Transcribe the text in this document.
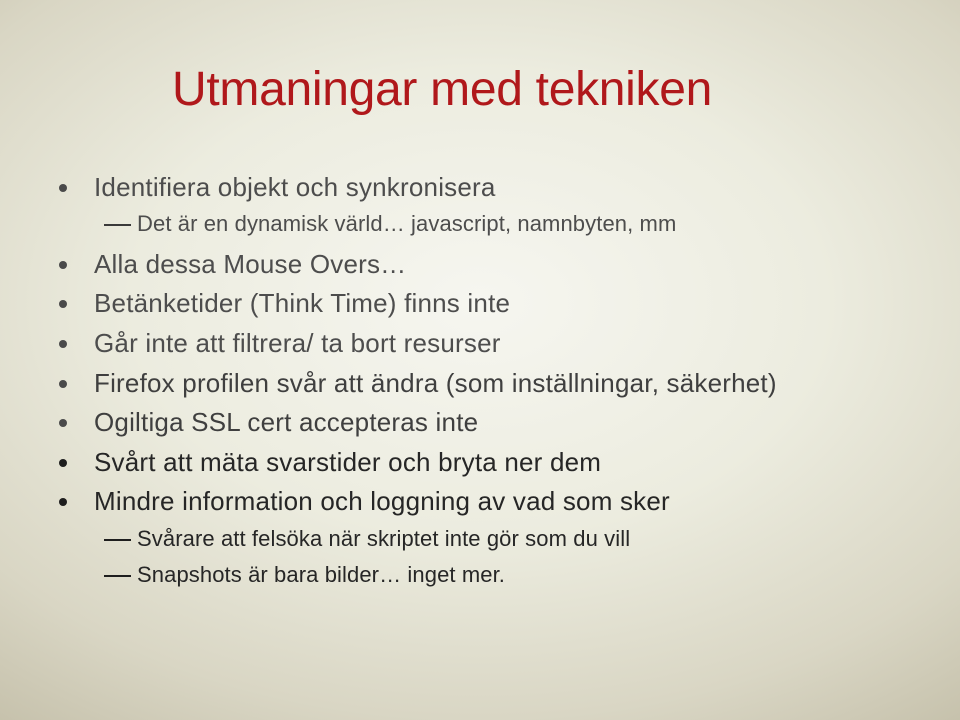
Utmaningar med tekniken
Identifiera objekt och synkronisera
Det är en dynamisk värld… javascript, namnbyten, mm
Alla dessa Mouse Overs…
Betänketider (Think Time) finns inte
Går inte att filtrera/ ta bort resurser
Firefox profilen svår att ändra (som inställningar, säkerhet)
Ogiltiga SSL cert accepteras inte
Svårt att mäta svarstider och bryta ner dem
Mindre information och loggning av vad som sker
Svårare att felsöka när skriptet inte gör som du vill
Snapshots är bara bilder… inget mer.
